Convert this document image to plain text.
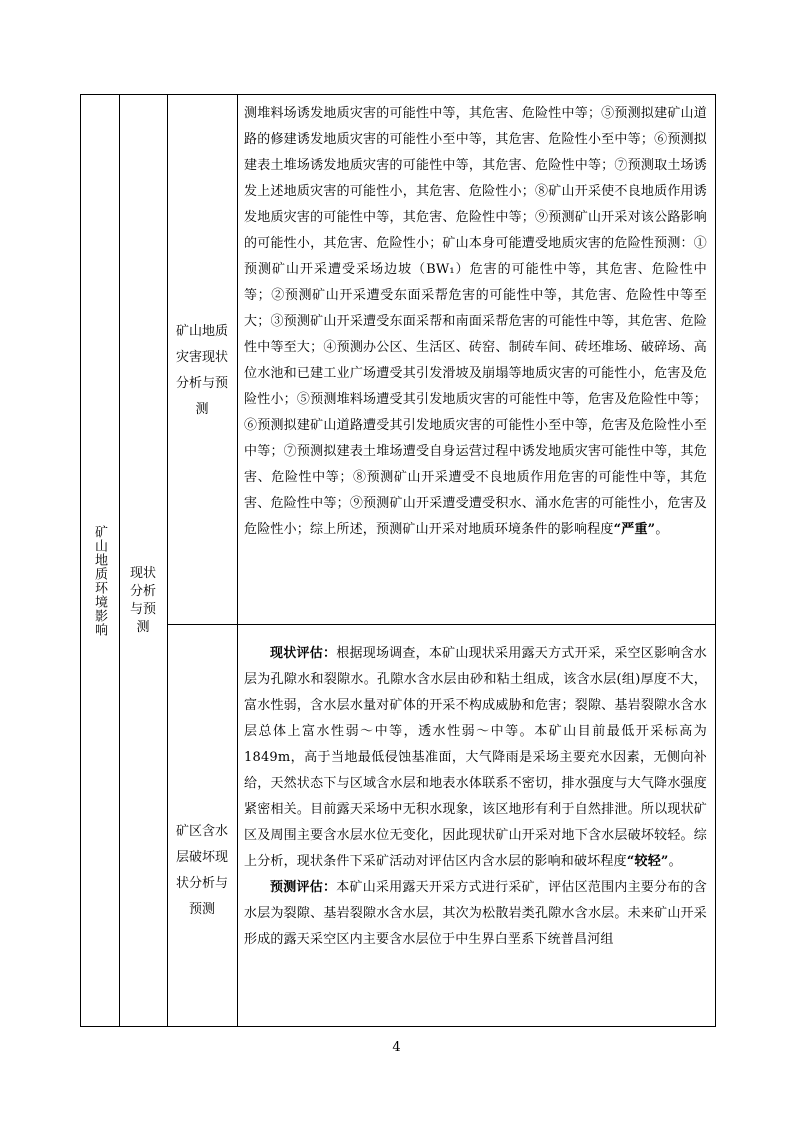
矿山地质环境影响	现状
分析
与预
测
矿山地质
灾害现状
分析与预
测
矿区含水
层破坏现
状分析与
预测
测堆料场诱发地质灾害的可能性中等，其危害、危险性中等；⑤预测拟建矿山道路的修建诱发地质灾害的可能性小至中等，其危害、危险性小至中等；⑥预测拟建表土堆场诱发地质灾害的可能性中等，其危害、危险性中等；⑦预测取土场诱发上述地质灾害的可能性小，其危害、危险性小；⑧矿山开采使不良地质作用诱发地质灾害的可能性中等，其危害、危险性中等；⑨预测矿山开采对该公路影响的可能性小，其危害、危险性小；矿山本身可能遭受地质灾害的危险性预测：①预测矿山开采遭受采场边坡（BW₁）危害的可能性中等，其危害、危险性中等；②预测矿山开采遭受东面采帮危害的可能性中等，其危害、危险性中等至大；③预测矿山开采遭受东面采帮和南面采帮危害的可能性中等，其危害、危险性中等至大；④预测办公区、生活区、砖窑、制砖车间、砖坯堆场、破碎场、高位水池和已建工业广场遭受其引发滑坡及崩塌等地质灾害的可能性小，危害及危险性小；⑤预测堆料场遭受其引发地质灾害的可能性中等，危害及危险性中等；⑥预测拟建矿山道路遭受其引发地质灾害的可能性小至中等，危害及危险性小至中等；⑦预测拟建表土堆场遭受自身运营过程中诱发地质灾害可能性中等，其危害、危险性中等；⑧预测矿山开采遭受不良地质作用危害的可能性中等，其危害、危险性中等；⑨预测矿山开采遭受遭受积水、涌水危害的可能性小，危害及危险性小；综上所述，预测矿山开采对地质环境条件的影响程度“严重”。
现状评估：根据现场调查，本矿山现状采用露天方式开采，采空区影响含水层为孔隙水和裂隙水。孔隙水含水层由砂和粘土组成，该含水层(组)厚度不大，富水性弱，含水层水量对矿体的开采不构成威胁和危害；裂隙、基岩裂隙水含水层总体上富水性弱～中等，透水性弱～中等。本矿山目前最低开采标高为 1849m，高于当地最低侵蚀基准面，大气降雨是采场主要充水因素，无侧向补给，天然状态下与区域含水层和地表水体联系不密切，排水强度与大气降水强度紧密相关。目前露天采场中无积水现象，该区地形有利于自然排泄。所以现状矿区及周围主要含水层水位无变化，因此现状矿山开采对地下含水层破坏较轻。综上分析，现状条件下采矿活动对评估区内含水层的影响和破坏程度“较轻”。
预测评估：本矿山采用露天开采方式进行采矿，评估区范围内主要分布的含水层为裂隙、基岩裂隙水含水层，其次为松散岩类孔隙水含水层。未来矿山开采形成的露天采空区内主要含水层位于中生界白垩系下统普昌河组
4
